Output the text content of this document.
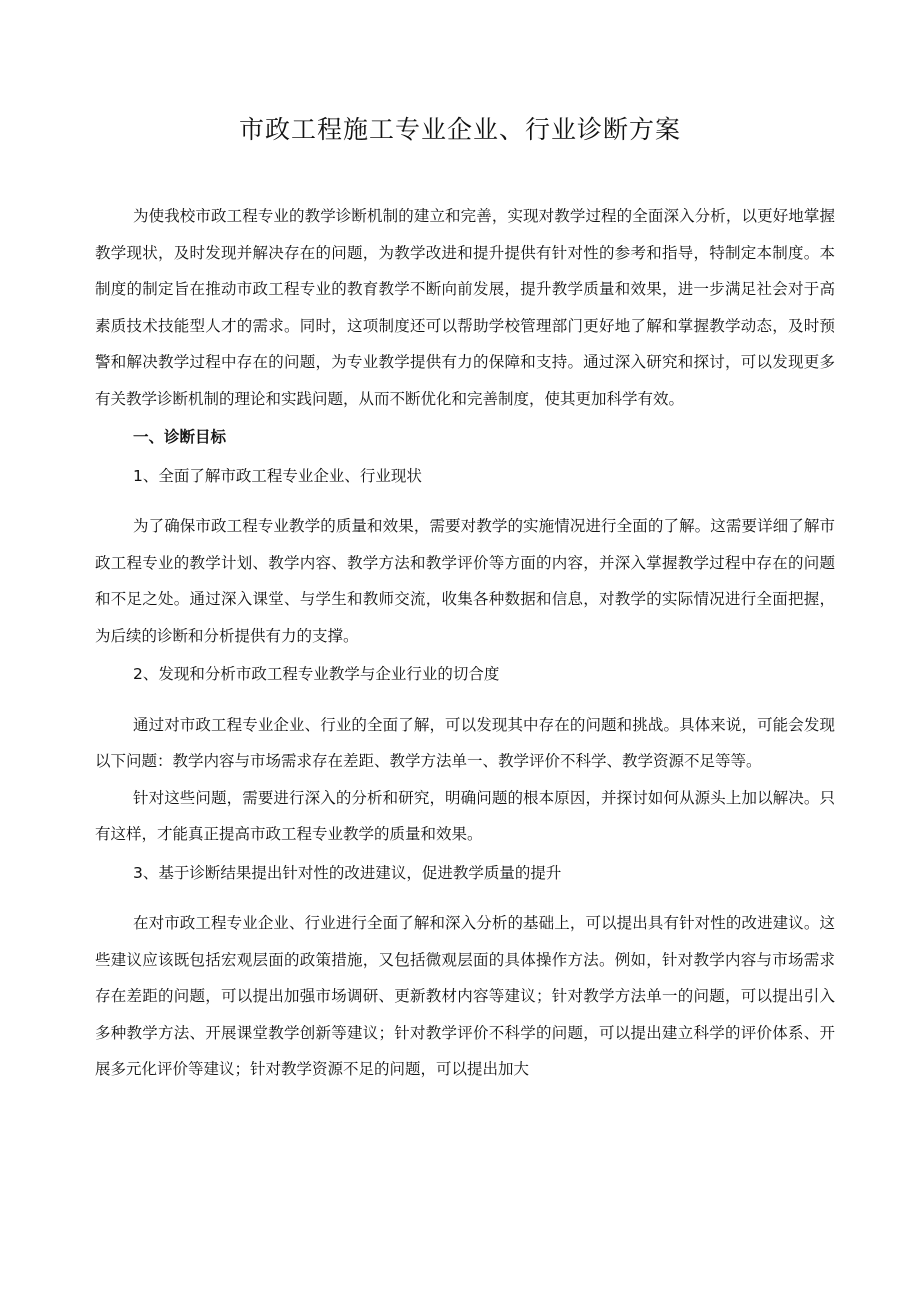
市政工程施工专业企业、行业诊断方案

为使我校市政工程专业的教学诊断机制的建立和完善，实现对教学过程的全面深入分析，以更好地掌握教学现状，及时发现并解决存在的问题，为教学改进和提升提供有针对性的参考和指导，特制定本制度。本制度的制定旨在推动市政工程专业的教育教学不断向前发展，提升教学质量和效果，进一步满足社会对于高素质技术技能型人才的需求。同时，这项制度还可以帮助学校管理部门更好地了解和掌握教学动态，及时预警和解决教学过程中存在的问题，为专业教学提供有力的保障和支持。通过深入研究和探讨，可以发现更多有关教学诊断机制的理论和实践问题，从而不断优化和完善制度，使其更加科学有效。

一、诊断目标

1、全面了解市政工程专业企业、行业现状

为了确保市政工程专业教学的质量和效果，需要对教学的实施情况进行全面的了解。这需要详细了解市政工程专业的教学计划、教学内容、教学方法和教学评价等方面的内容，并深入掌握教学过程中存在的问题和不足之处。通过深入课堂、与学生和教师交流，收集各种数据和信息，对教学的实际情况进行全面把握，为后续的诊断和分析提供有力的支撑。

2、发现和分析市政工程专业教学与企业行业的切合度

通过对市政工程专业企业、行业的全面了解，可以发现其中存在的问题和挑战。具体来说，可能会发现以下问题：教学内容与市场需求存在差距、教学方法单一、教学评价不科学、教学资源不足等等。

针对这些问题，需要进行深入的分析和研究，明确问题的根本原因，并探讨如何从源头上加以解决。只有这样，才能真正提高市政工程专业教学的质量和效果。

3、基于诊断结果提出针对性的改进建议，促进教学质量的提升

在对市政工程专业企业、行业进行全面了解和深入分析的基础上，可以提出具有针对性的改进建议。这些建议应该既包括宏观层面的政策措施，又包括微观层面的具体操作方法。例如，针对教学内容与市场需求存在差距的问题，可以提出加强市场调研、更新教材内容等建议；针对教学方法单一的问题，可以提出引入多种教学方法、开展课堂教学创新等建议；针对教学评价不科学的问题，可以提出建立科学的评价体系、开展多元化评价等建议；针对教学资源不足的问题，可以提出加大
